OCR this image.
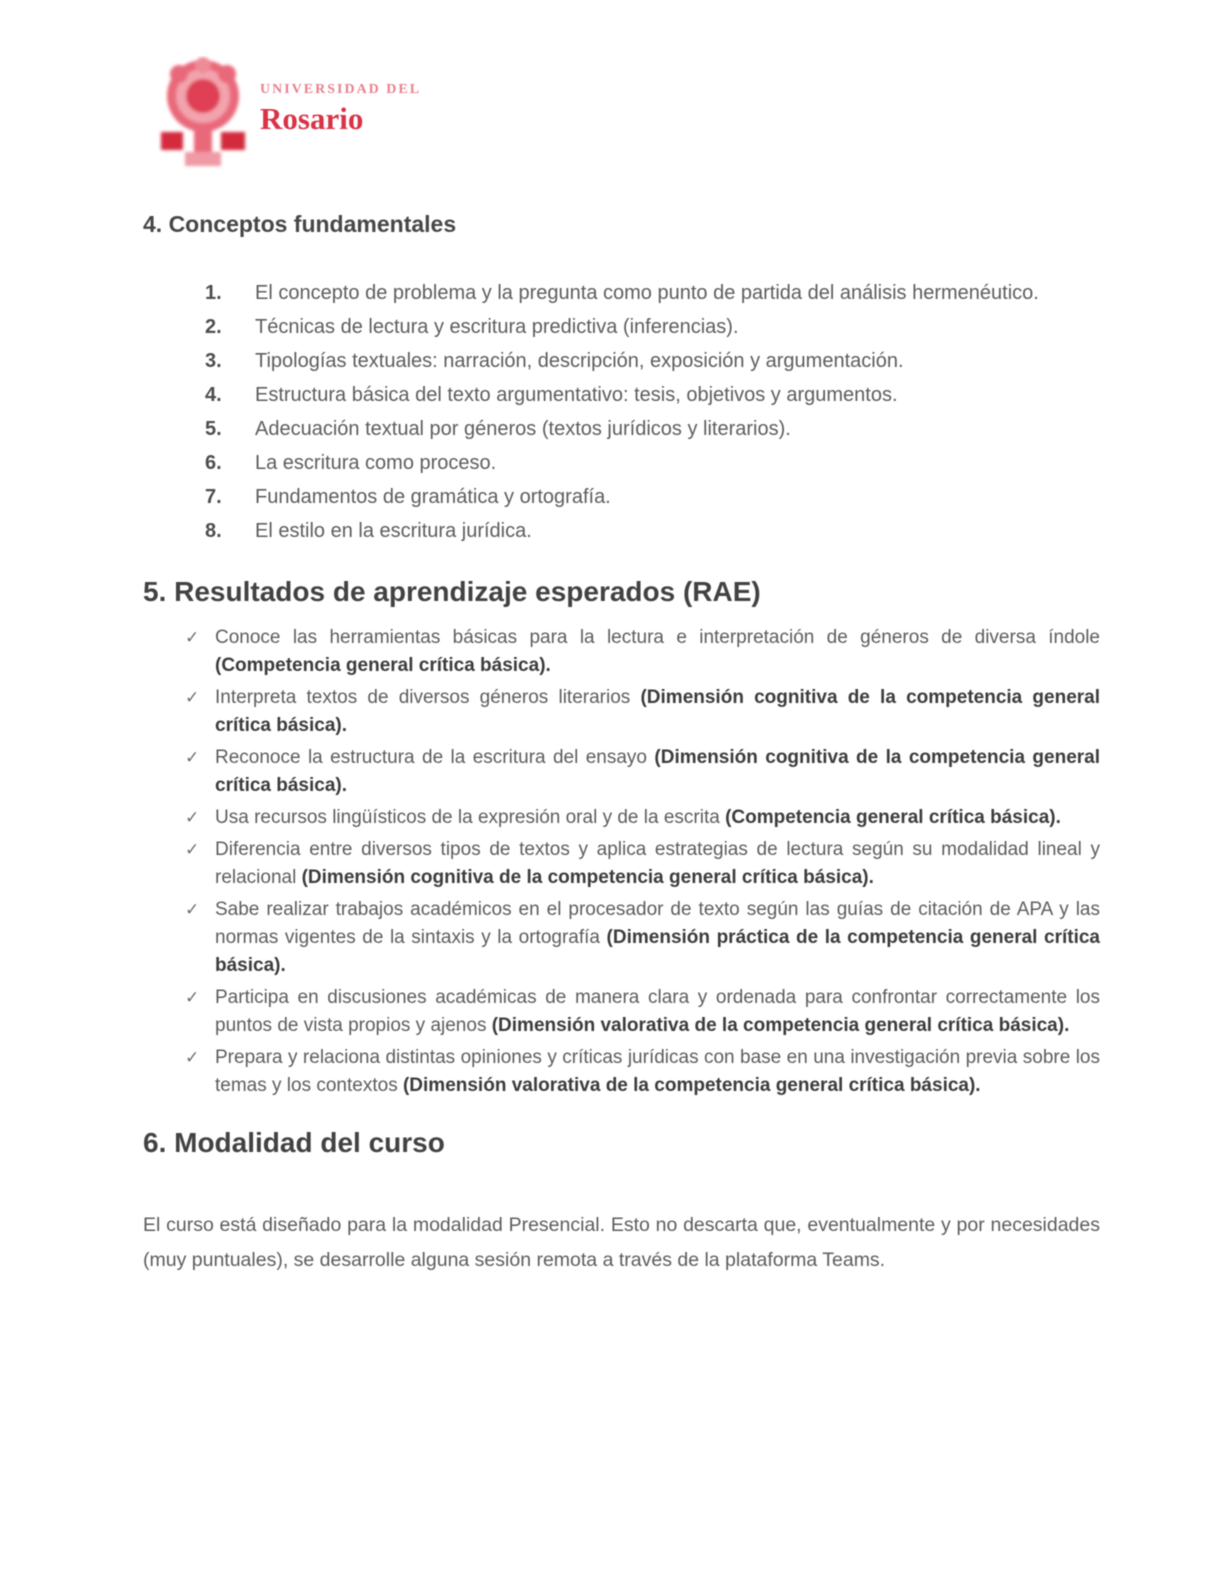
UNIVERSIDAD DEL
Rosario
4. Conceptos fundamentales
1. El concepto de problema y la pregunta como punto de partida del análisis hermenéutico.
2. Técnicas de lectura y escritura predictiva (inferencias).
3. Tipologías textuales: narración, descripción, exposición y argumentación.
4. Estructura básica del texto argumentativo: tesis, objetivos y argumentos.
5. Adecuación textual por géneros (textos jurídicos y literarios).
6. La escritura como proceso.
7. Fundamentos de gramática y ortografía.
8. El estilo en la escritura jurídica.
5. Resultados de aprendizaje esperados (RAE)
✓ Conoce las herramientas básicas para la lectura e interpretación de géneros de diversa índole (Competencia general crítica básica).
✓ Interpreta textos de diversos géneros literarios (Dimensión cognitiva de la competencia general crítica básica).
✓ Reconoce la estructura de la escritura del ensayo (Dimensión cognitiva de la competencia general crítica básica).
✓ Usa recursos lingüísticos de la expresión oral y de la escrita (Competencia general crítica básica).
✓ Diferencia entre diversos tipos de textos y aplica estrategias de lectura según su modalidad lineal y relacional (Dimensión cognitiva de la competencia general crítica básica).
✓ Sabe realizar trabajos académicos en el procesador de texto según las guías de citación de APA y las normas vigentes de la sintaxis y la ortografía (Dimensión práctica de la competencia general crítica básica).
✓ Participa en discusiones académicas de manera clara y ordenada para confrontar correctamente los puntos de vista propios y ajenos (Dimensión valorativa de la competencia general crítica básica).
✓ Prepara y relaciona distintas opiniones y críticas jurídicas con base en una investigación previa sobre los temas y los contextos (Dimensión valorativa de la competencia general crítica básica).
6. Modalidad del curso

El curso está diseñado para la modalidad Presencial. Esto no descarta que, eventualmente y por necesidades (muy puntuales), se desarrolle alguna sesión remota a través de la plataforma Teams.
